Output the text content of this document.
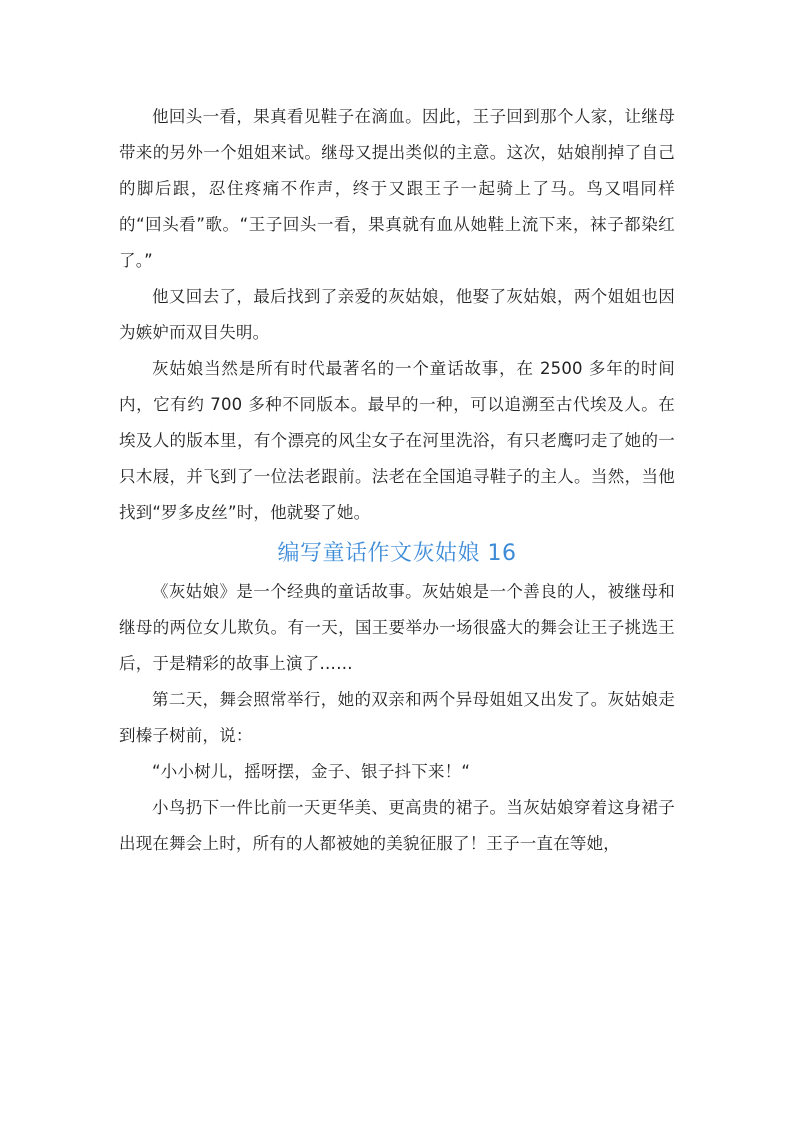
他回头一看，果真看见鞋子在滴血。因此，王子回到那个人家，让继母带来的另外一个姐姐来试。继母又提出类似的主意。这次，姑娘削掉了自己的脚后跟，忍住疼痛不作声，终于又跟王子一起骑上了马。鸟又唱同样的“回头看”歌。“王子回头一看，果真就有血从她鞋上流下来，袜子都染红了。”

他又回去了，最后找到了亲爱的灰姑娘，他娶了灰姑娘，两个姐姐也因为嫉妒而双目失明。

灰姑娘当然是所有时代最著名的一个童话故事，在 2500 多年的时间内，它有约 700 多种不同版本。最早的一种，可以追溯至古代埃及人。在埃及人的版本里，有个漂亮的风尘女子在河里洗浴，有只老鹰叼走了她的一只木屐，并飞到了一位法老跟前。法老在全国追寻鞋子的主人。当然，当他找到“罗多皮丝”时，他就娶了她。

编写童话作文灰姑娘 16

《灰姑娘》是一个经典的童话故事。灰姑娘是一个善良的人，被继母和继母的两位女儿欺负。有一天，国王要举办一场很盛大的舞会让王子挑选王后，于是精彩的故事上演了……

第二天，舞会照常举行，她的双亲和两个异母姐姐又出发了。灰姑娘走到榛子树前，说：

“小小树儿，摇呀摆，金子、银子抖下来！“

小鸟扔下一件比前一天更华美、更高贵的裙子。当灰姑娘穿着这身裙子出现在舞会上时，所有的人都被她的美貌征服了！王子一直在等她，
